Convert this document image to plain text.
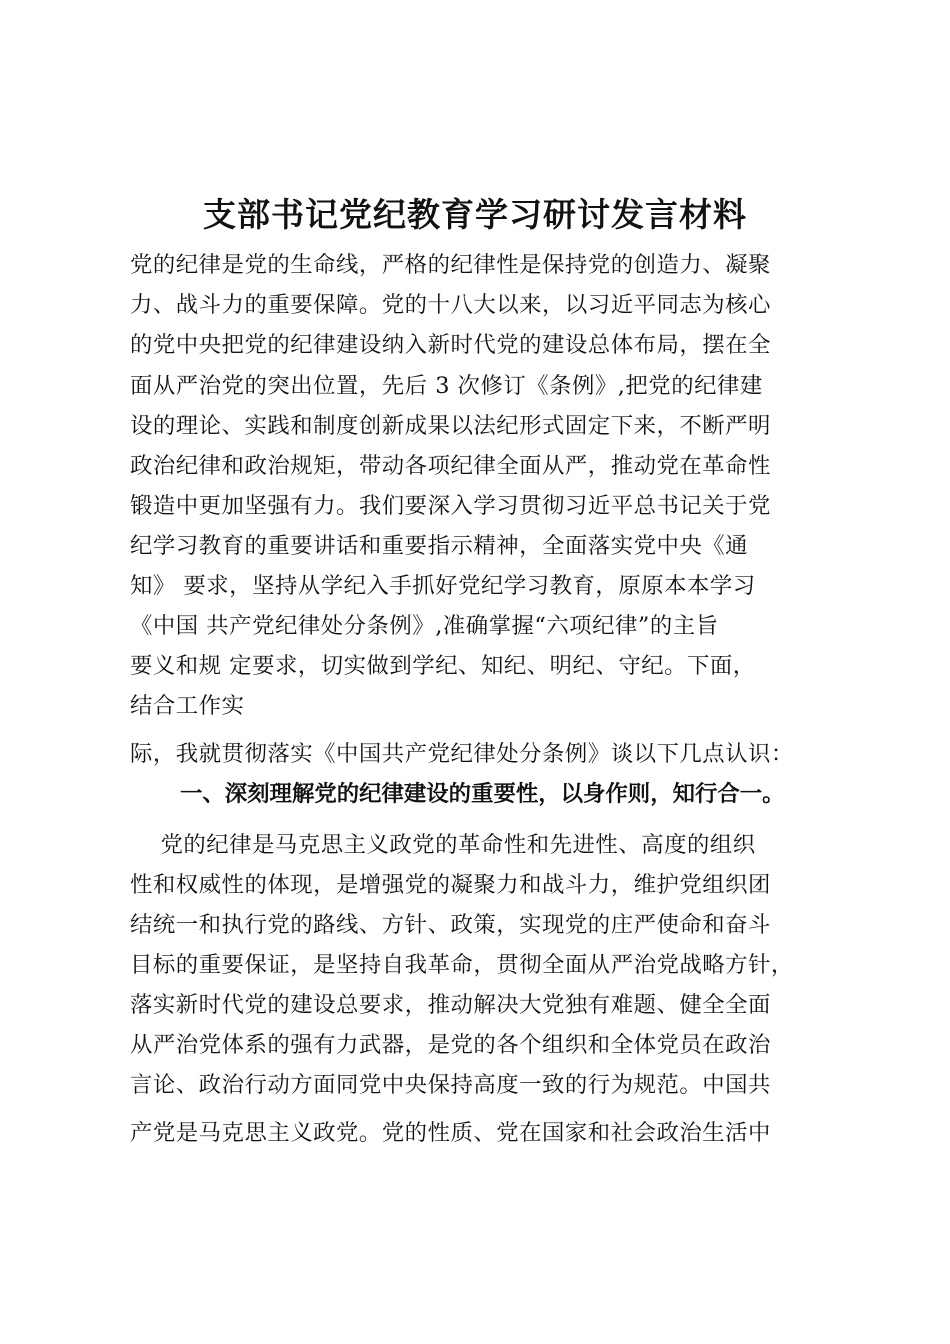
支部书记党纪教育学习研讨发言材料
党的纪律是党的生命线，严格的纪律性是保持党的创造力、凝聚
力、战斗力的重要保障。党的十八大以来，以习近平同志为核心
的党中央把党的纪律建设纳入新时代党的建设总体布局，摆在全
面从严治党的突出位置，先后 3 次修订《条例》,把党的纪律建
设的理论、实践和制度创新成果以法纪形式固定下来，不断严明
政治纪律和政治规矩，带动各项纪律全面从严，推动党在革命性
锻造中更加坚强有力。我们要深入学习贯彻习近平总书记关于党
纪学习教育的重要讲话和重要指示精神，全面落实党中央《通
知》 要求，坚持从学纪入手抓好党纪学习教育，原原本本学习
《中国 共产党纪律处分条例》,准确掌握“六项纪律”的主旨
要义和规 定要求，切实做到学纪、知纪、明纪、守纪。下面，
结合工作实
际，我就贯彻落实《中国共产党纪律处分条例》谈以下几点认识：
一、深刻理解党的纪律建设的重要性，以身作则，知行合一。
党的纪律是马克思主义政党的革命性和先进性、高度的组织
性和权威性的体现，是增强党的凝聚力和战斗力，维护党组织团
结统一和执行党的路线、方针、政策，实现党的庄严使命和奋斗
目标的重要保证，是坚持自我革命，贯彻全面从严治党战略方针，
落实新时代党的建设总要求，推动解决大党独有难题、健全全面
从严治党体系的强有力武器，是党的各个组织和全体党员在政治
言论、政治行动方面同党中央保持高度一致的行为规范。中国共
产党是马克思主义政党。党的性质、党在国家和社会政治生活中
